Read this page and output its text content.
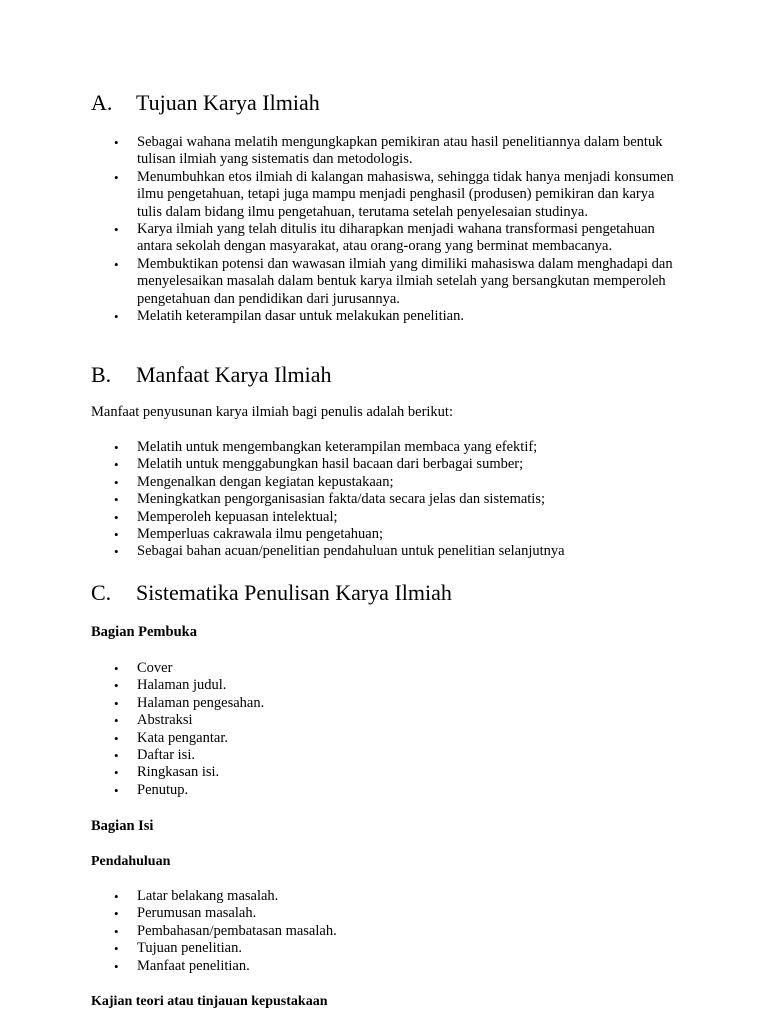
A. Tujuan Karya Ilmiah
• Sebagai wahana melatih mengungkapkan pemikiran atau hasil penelitiannya dalam bentuk tulisan ilmiah yang sistematis dan metodologis.
• Menumbuhkan etos ilmiah di kalangan mahasiswa, sehingga tidak hanya menjadi konsumen ilmu pengetahuan, tetapi juga mampu menjadi penghasil (produsen) pemikiran dan karya tulis dalam bidang ilmu pengetahuan, terutama setelah penyelesaian studinya.
• Karya ilmiah yang telah ditulis itu diharapkan menjadi wahana transformasi pengetahuan antara sekolah dengan masyarakat, atau orang-orang yang berminat membacanya.
• Membuktikan potensi dan wawasan ilmiah yang dimiliki mahasiswa dalam menghadapi dan menyelesaikan masalah dalam bentuk karya ilmiah setelah yang bersangkutan memperoleh pengetahuan dan pendidikan dari jurusannya.
• Melatih keterampilan dasar untuk melakukan penelitian.
B. Manfaat Karya Ilmiah

Manfaat penyusunan karya ilmiah bagi penulis adalah berikut:

• Melatih untuk mengembangkan keterampilan membaca yang efektif;
• Melatih untuk menggabungkan hasil bacaan dari berbagai sumber;
• Mengenalkan dengan kegiatan kepustakaan;
• Meningkatkan pengorganisasian fakta/data secara jelas dan sistematis;
• Memperoleh kepuasan intelektual;
• Memperluas cakrawala ilmu pengetahuan;
• Sebagai bahan acuan/penelitian pendahuluan untuk penelitian selanjutnya
C. Sistematika Penulisan Karya Ilmiah
Bagian Pembuka
• Cover
• Halaman judul.
• Halaman pengesahan.
• Abstraksi
• Kata pengantar.
• Daftar isi.
• Ringkasan isi.
• Penutup.
Bagian Isi
Pendahuluan
• Latar belakang masalah.
• Perumusan masalah.
• Pembahasan/pembatasan masalah.
• Tujuan penelitian.
• Manfaat penelitian.
Kajian teori atau tinjauan kepustakaan
